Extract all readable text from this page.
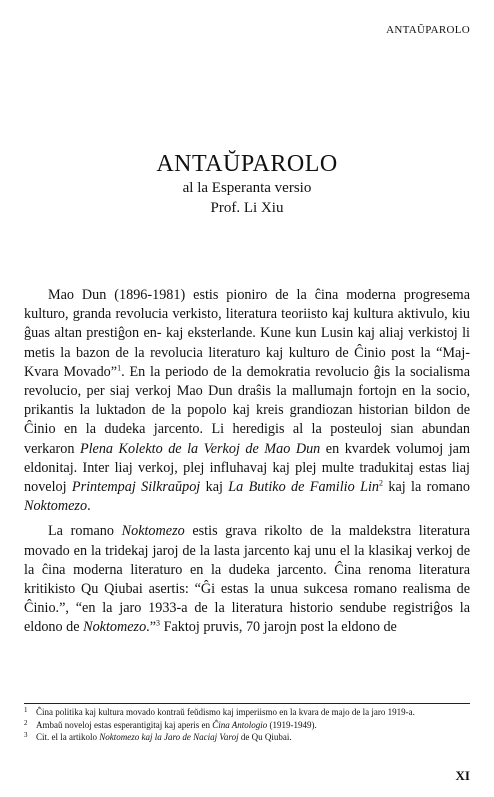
ANTAŬPAROLO
ANTAŬPAROLO
al la Esperanta versio
Prof. Li Xiu

Mao Dun (1896-1981) estis pioniro de la ĉina moderna progresema kulturo, granda revolucia verkisto, literatura teoriisto kaj kultura aktivulo, kiu ĝuas altan prestiĝon en- kaj eksterlande. Kune kun Lusin kaj aliaj verkistoj li metis la bazon de la revolucia literaturo kaj kulturo de Ĉinio post la “Maj-Kvara Movado”$^1$. En la periodo de la demokratia revolucio ĝis la socialisma revolucio, per siaj verkoj Mao Dun draŝis la mallumajn fortojn en la socio, prikantis la luktadon de la popolo kaj kreis grandiozan historian bildon de Ĉinio en la dudeka jarcento. Li heredigis al la posteuloj sian abundan verkaron Plena Kolekto de la Verkoj de Mao Dun en kvardek volumoj jam eldonitaj. Inter liaj verkoj, plej influhavaj kaj plej multe tradukitaj estas liaj noveloj Printempaj Silkraŭpoj kaj La Butiko de Familio Lin$^2$ kaj la romano Noktomezo.

La romano Noktomezo estis grava rikolto de la maldekstra literatura movado en la tridekaj jaroj de la lasta jarcento kaj unu el la klasikaj verkoj de la ĉina moderna literaturo en la dudeka jarcento. Ĉina renoma literatura kritikisto Qu Qiubai asertis: “Ĝi estas la unua sukcesa romano realisma de Ĉinio.”, “en la jaro 1933-a de la literatura historio sendube registriĝos la eldono de Noktomezo.”$^3$ Faktoj pruvis, 70 jarojn post la eldono de

1 Ĉina politika kaj kultura movado kontraŭ feŭdismo kaj imperiismo en la kvara de majo de la jaro 1919-a.
2 Ambaŭ noveloj estas esperantigitaj kaj aperis en Ĉina Antologio (1919-1949).
3 Cit. el la artikolo Noktomezo kaj la Jaro de Naciaj Varoj de Qu Qiubai.
XI
